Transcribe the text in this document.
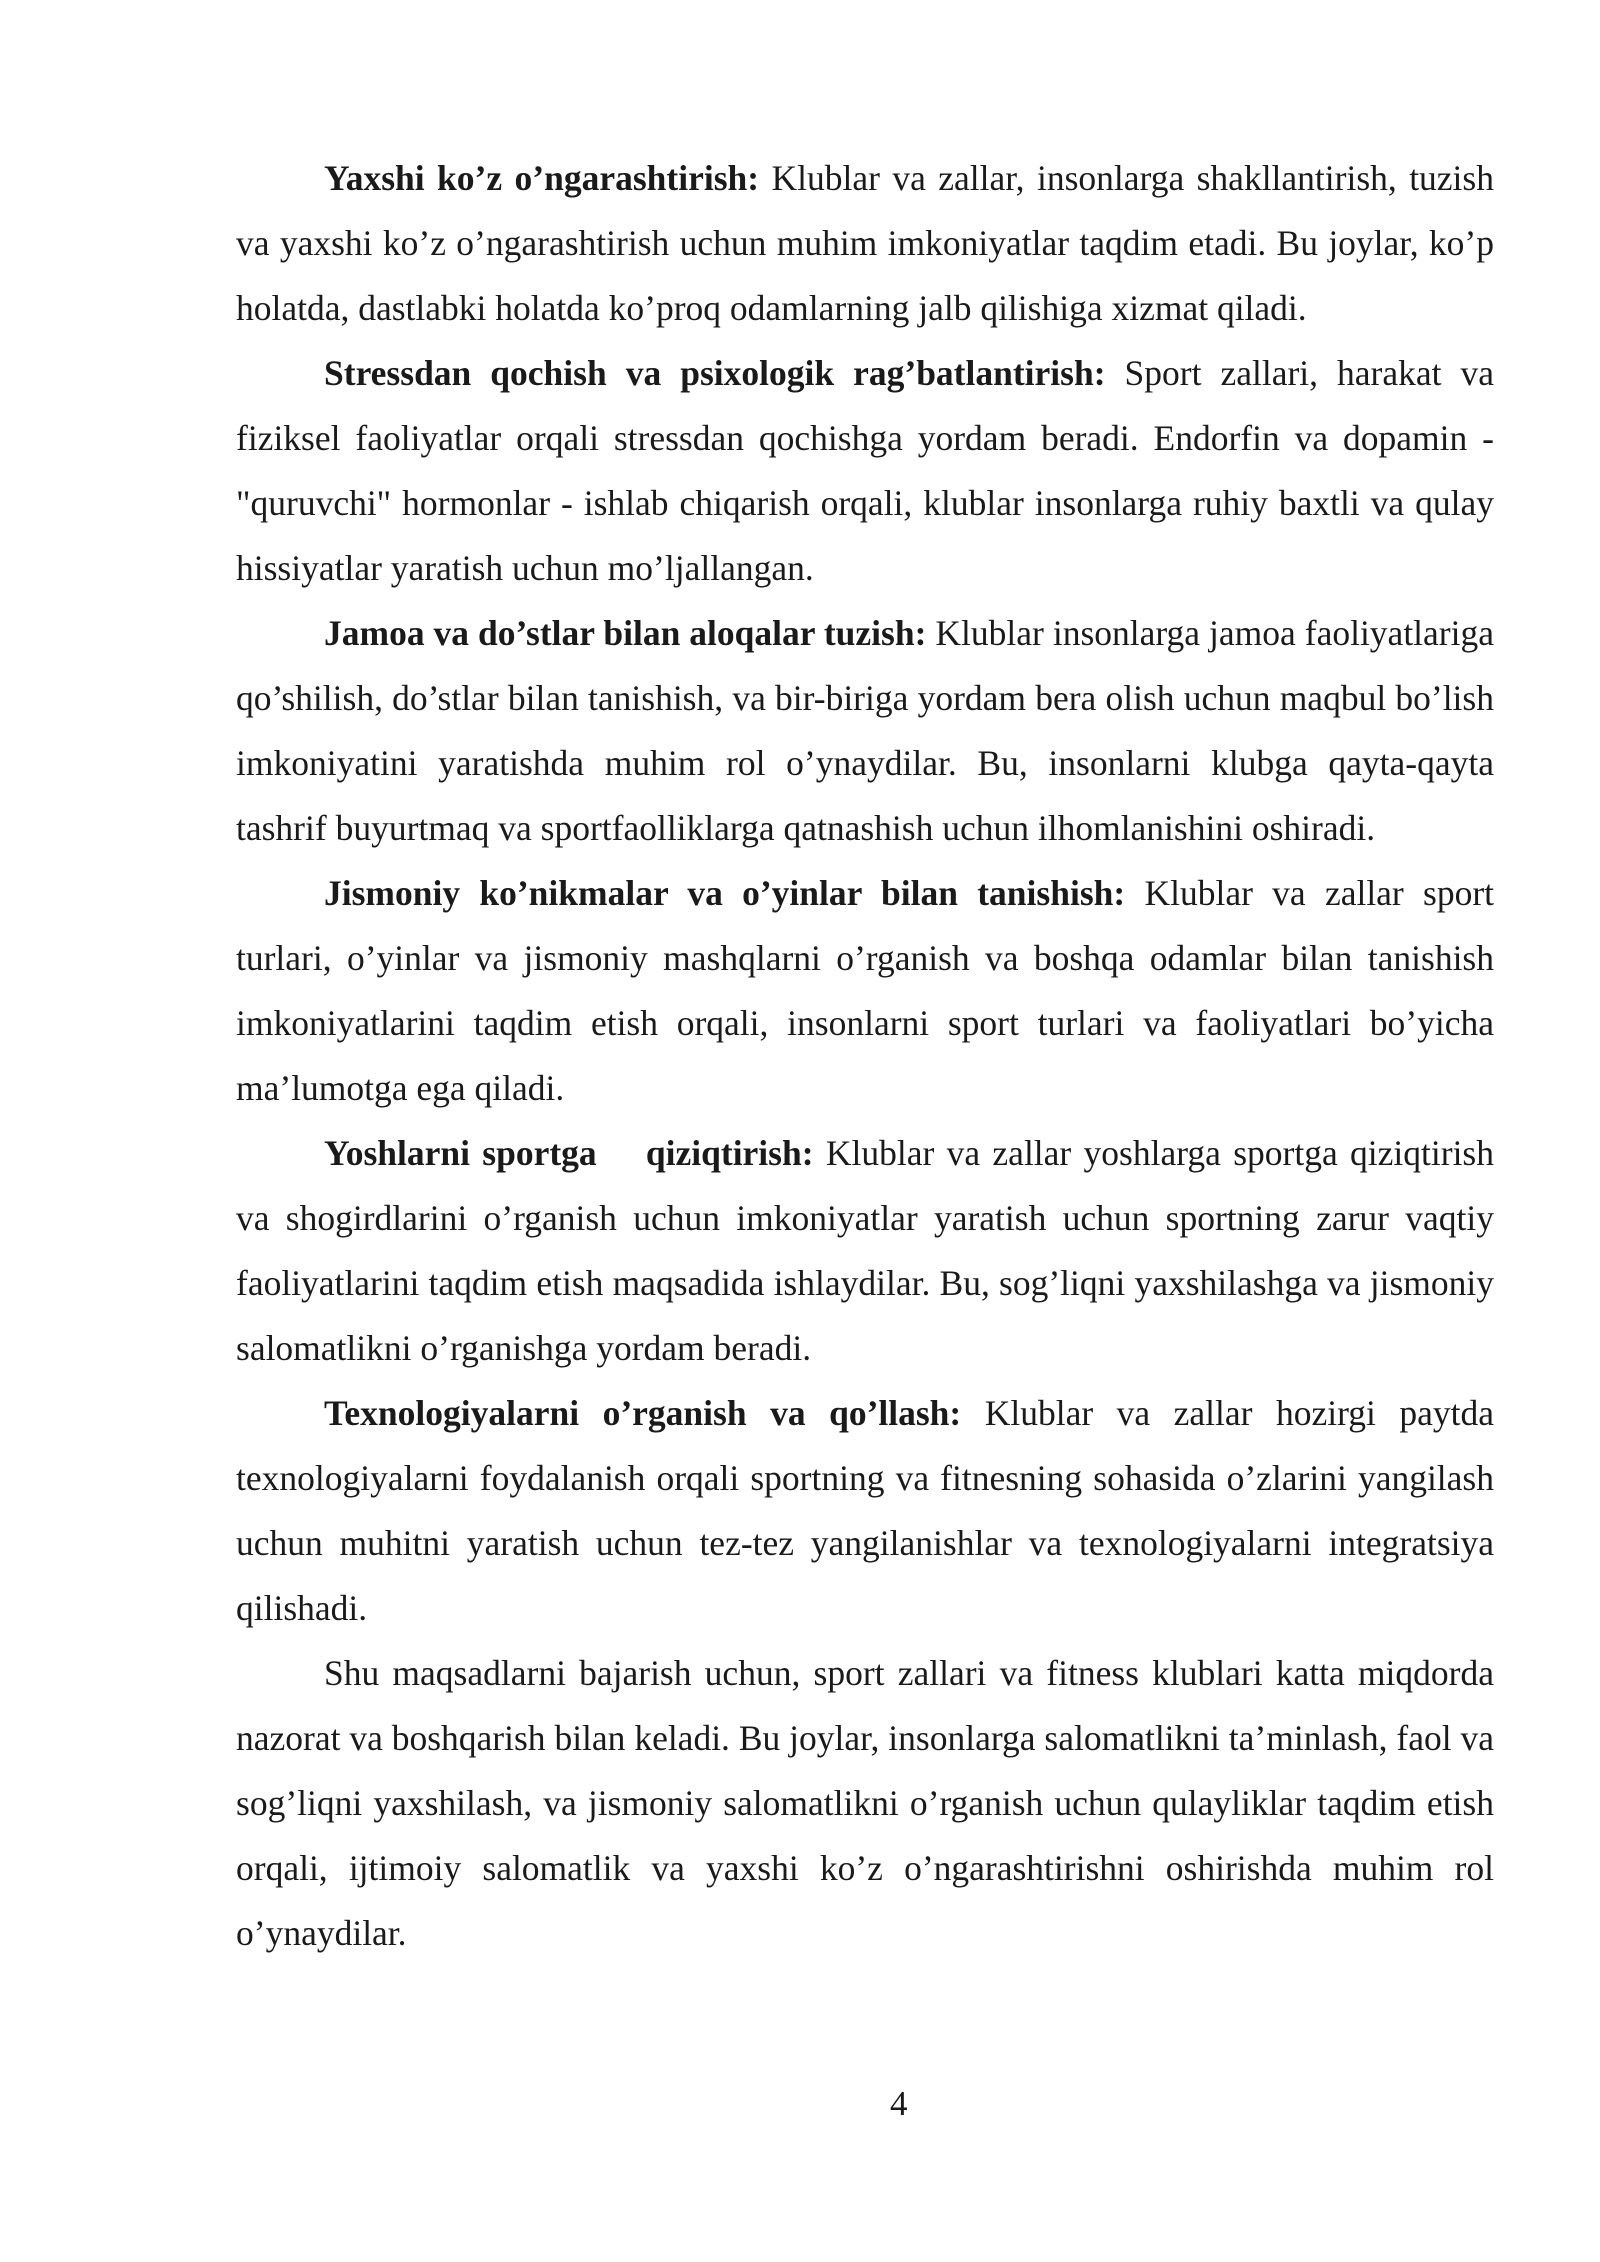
Yaxshi ko’z o’ngarashtirish: Klublar va zallar, insonlarga shakllantirish, tuzish va yaxshi ko’z o’ngarashtirish uchun muhim imkoniyatlar taqdim etadi. Bu joylar, ko’p holatda, dastlabki holatda ko’proq odamlarning jalb qilishiga xizmat qiladi.

Stressdan qochish va psixologik rag’batlantirish: Sport zallari, harakat va fiziksel faoliyatlar orqali stressdan qochishga yordam beradi. Endorfin va dopamin - "quruvchi" hormonlar - ishlab chiqarish orqali, klublar insonlarga ruhiy baxtli va qulay hissiyatlar yaratish uchun mo’ljallangan.

Jamoa va do’stlar bilan aloqalar tuzish: Klublar insonlarga jamoa faoliyatlariga qo’shilish, do’stlar bilan tanishish, va bir-biriga yordam bera olish uchun maqbul bo’lish imkoniyatini yaratishda muhim rol o’ynaydilar. Bu, insonlarni klubga qayta-qayta tashrif buyurtmaq va sportfaolliklarga qatnashish uchun ilhomlanishini oshiradi.

Jismoniy ko’nikmalar va o’yinlar bilan tanishish: Klublar va zallar sport turlari, o’yinlar va jismoniy mashqlarni o’rganish va boshqa odamlar bilan tanishish imkoniyatlarini taqdim etish orqali, insonlarni sport turlari va faoliyatlari bo’yicha ma’lumotga ega qiladi.

Yoshlarni sportga    qiziqtirish: Klublar va zallar yoshlarga sportga qiziqtirish va shogirdlarini o’rganish uchun imkoniyatlar yaratish uchun sportning zarur vaqtiy faoliyatlarini taqdim etish maqsadida ishlaydilar. Bu, sog’liqni yaxshilashga va jismoniy salomatlikni o’rganishga yordam beradi.

Texnologiyalarni o’rganish va qo’llash: Klublar va zallar hozirgi paytda texnologiyalarni foydalanish orqali sportning va fitnesning sohasida o’zlarini yangilash uchun muhitni yaratish uchun tez-tez yangilanishlar va texnologiyalarni integratsiya qilishadi.

Shu maqsadlarni bajarish uchun, sport zallari va fitness klublari katta miqdorda nazorat va boshqarish bilan keladi. Bu joylar, insonlarga salomatlikni ta’minlash, faol va sog’liqni yaxshilash, va jismoniy salomatlikni o’rganish uchun qulayliklar taqdim etish orqali, ijtimoiy salomatlik va yaxshi ko’z o’ngarashtirishni oshirishda muhim rol o’ynaydilar.

4
